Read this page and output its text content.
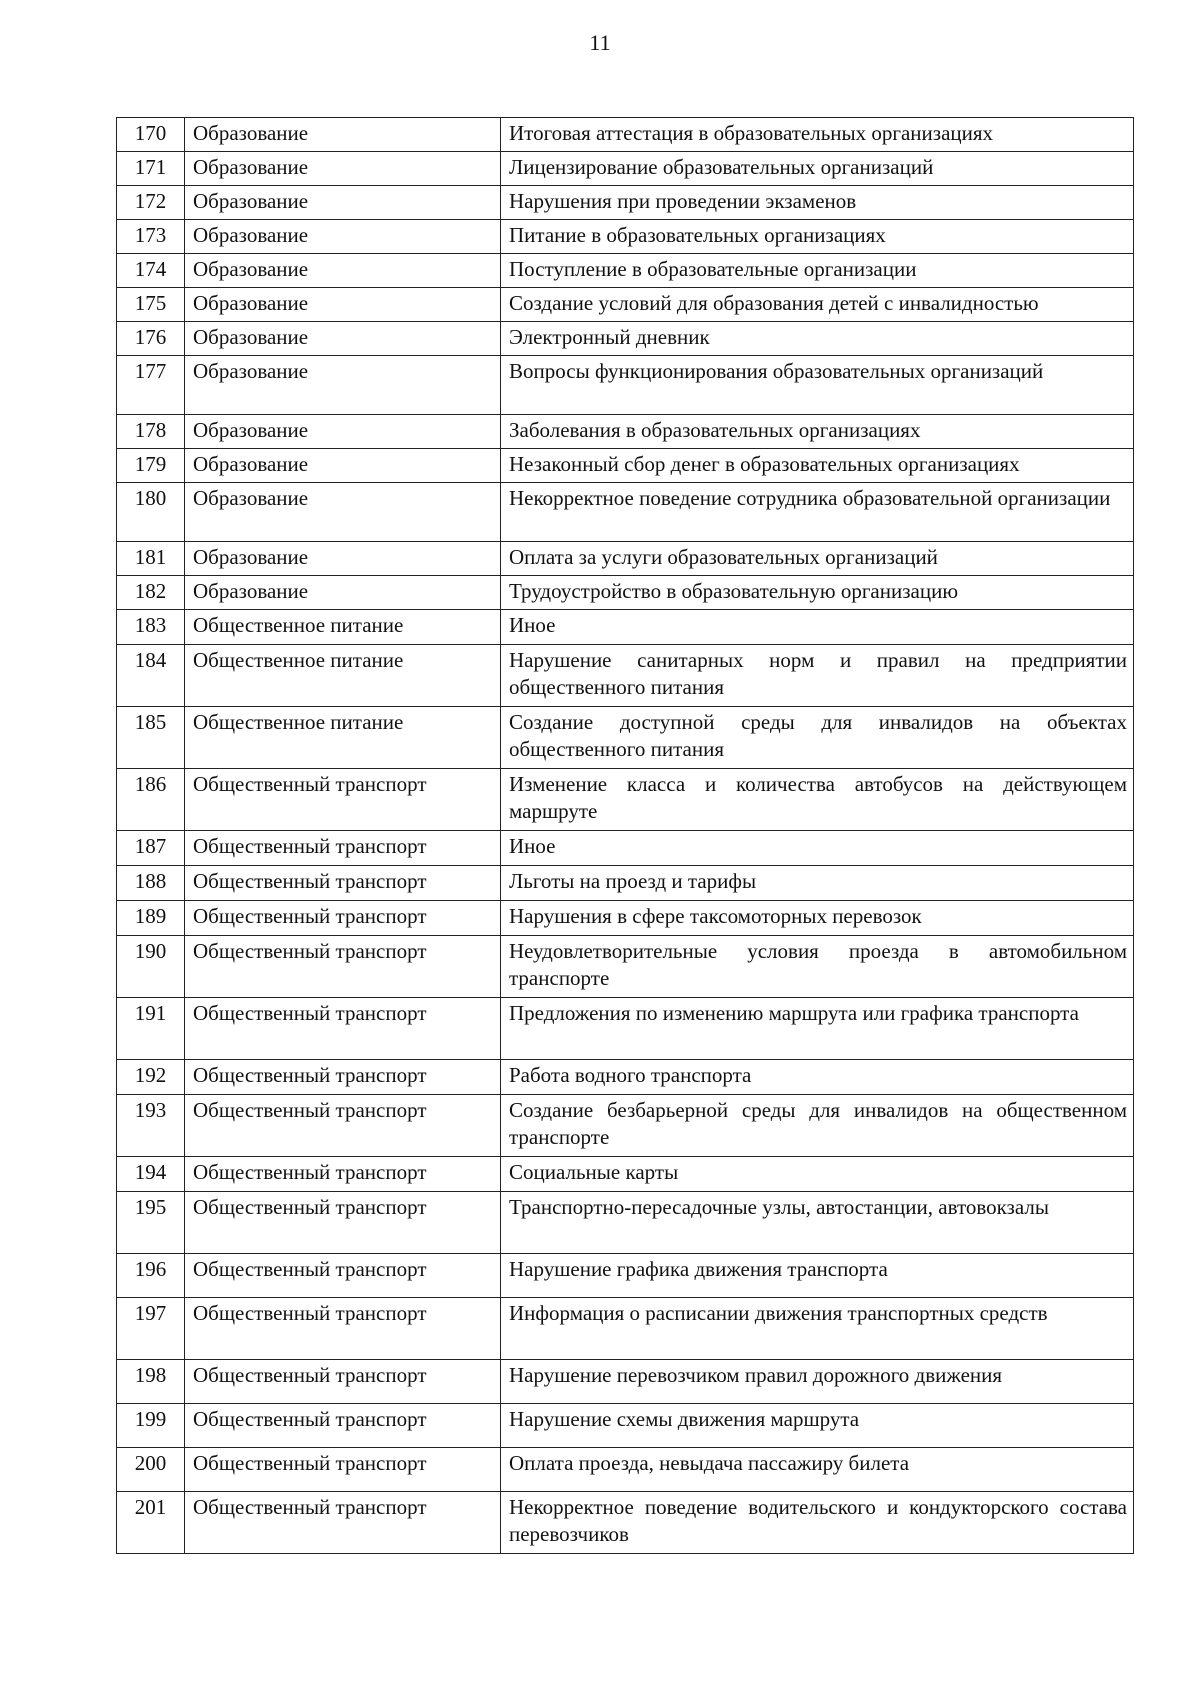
11
170	Образование	Итоговая аттестация в образовательных организациях
171	Образование	Лицензирование образовательных организаций
172	Образование	Нарушения при проведении экзаменов
173	Образование	Питание в образовательных организациях
174	Образование	Поступление в образовательные организации
175	Образование	Создание условий для образования детей с инвалидностью
176	Образование	Электронный дневник
177	Образование	Вопросы функционирования образовательных организаций
178	Образование	Заболевания в образовательных организациях
179	Образование	Незаконный сбор денег в образовательных организациях
180	Образование	Некорректное поведение сотрудника образовательной организации
181	Образование	Оплата за услуги образовательных организаций
182	Образование	Трудоустройство в образовательную организацию
183	Общественное питание	Иное
184	Общественное питание	Нарушение санитарных норм и правил на предприятии общественного питания
185	Общественное питание	Создание доступной среды для инвалидов на объектах общественного питания
186	Общественный транспорт	Изменение класса и количества автобусов на действующем маршруте
187	Общественный транспорт	Иное
188	Общественный транспорт	Льготы на проезд и тарифы
189	Общественный транспорт	Нарушения в сфере таксомоторных перевозок
190	Общественный транспорт	Неудовлетворительные условия проезда в автомобильном транспорте
191	Общественный транспорт	Предложения по изменению маршрута или графика транспорта
192	Общественный транспорт	Работа водного транспорта
193	Общественный транспорт	Создание безбарьерной среды для инвалидов на общественном транспорте
194	Общественный транспорт	Социальные карты
195	Общественный транспорт	Транспортно-пересадочные узлы, автостанции, автовокзалы
196	Общественный транспорт	Нарушение графика движения транспорта
197	Общественный транспорт	Информация о расписании движения транспортных средств
198	Общественный транспорт	Нарушение перевозчиком правил дорожного движения
199	Общественный транспорт	Нарушение схемы движения маршрута
200	Общественный транспорт	Оплата проезда, невыдача пассажиру билета
201	Общественный транспорт	Некорректное поведение водительского и кондукторского состава перевозчиков
